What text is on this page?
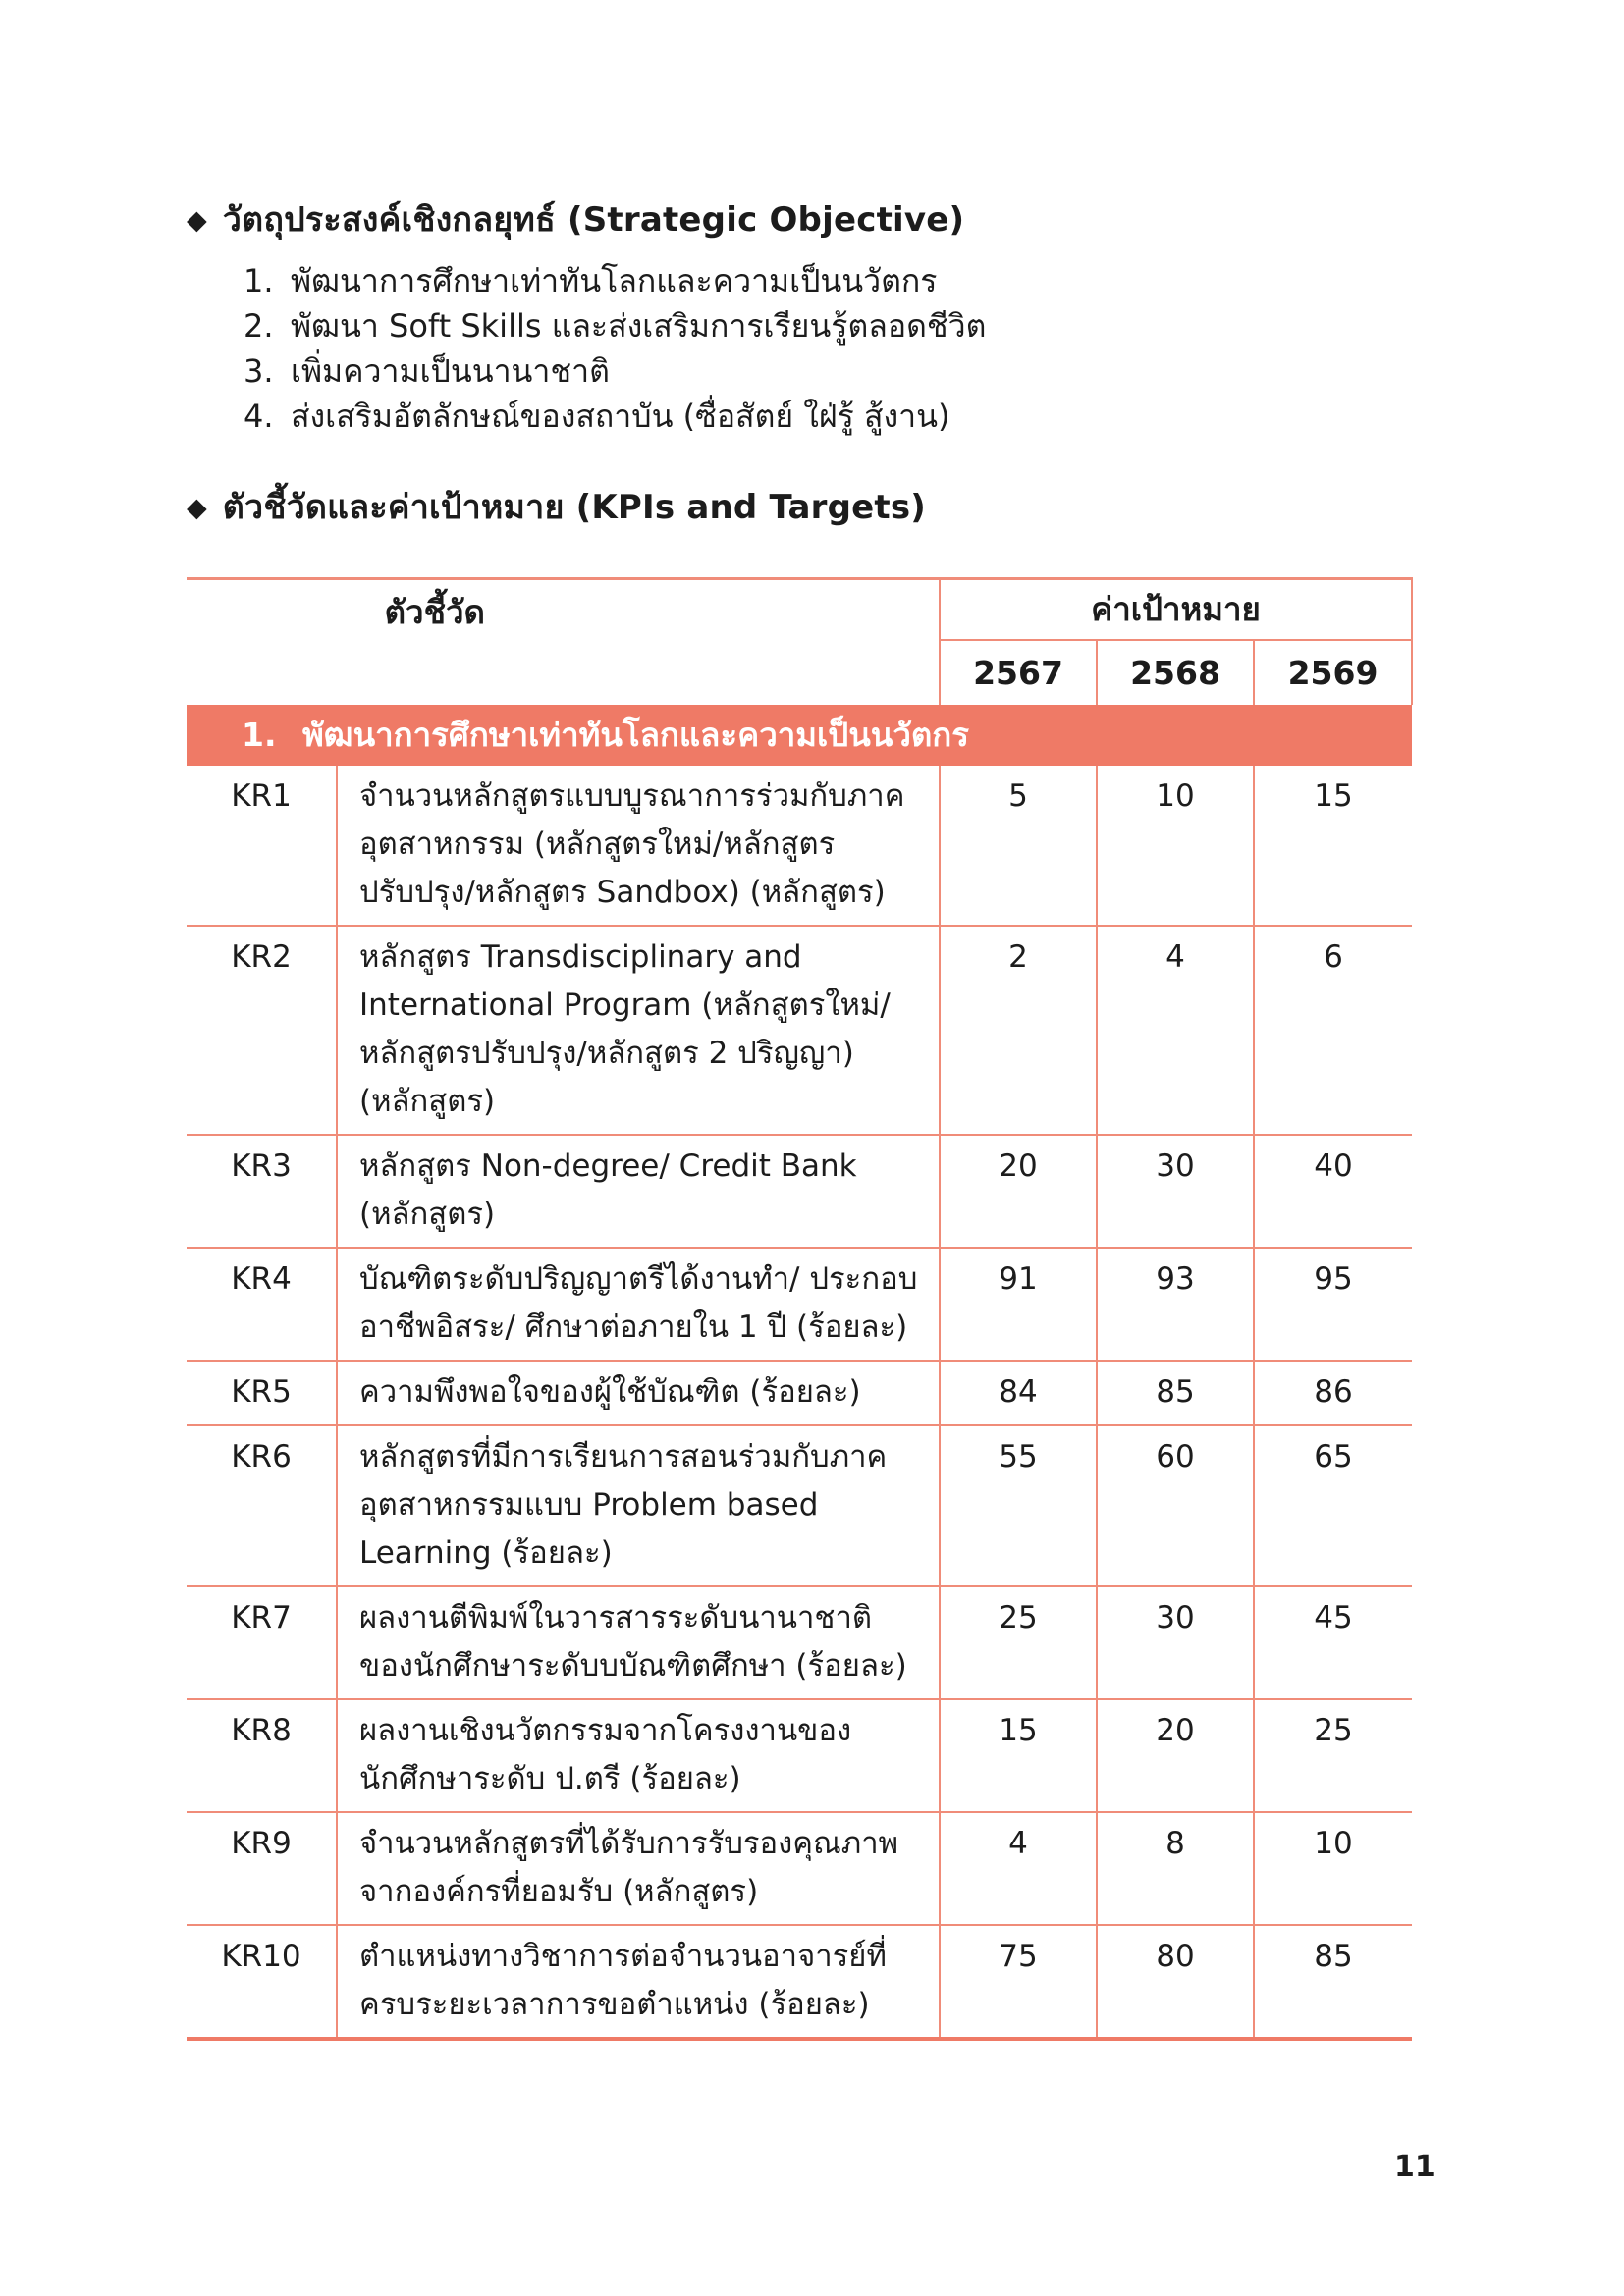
◆ วัตถุประสงค์เชิงกลยุทธ์ (Strategic Objective)
1. พัฒนาการศึกษาเท่าทันโลกและความเป็นนวัตกร
2. พัฒนา Soft Skills และส่งเสริมการเรียนรู้ตลอดชีวิต
3. เพิ่มความเป็นนานาชาติ
4. ส่งเสริมอัตลักษณ์ของสถาบัน (ซื่อสัตย์ ใฝ่รู้ สู้งาน)
◆ ตัวชี้วัดและค่าเป้าหมาย (KPIs and Targets)
ตัวชี้วัด		ค่าเป้าหมาย		
		2567	2568	2569
1. พัฒนาการศึกษาเท่าทันโลกและความเป็นนวัตกร				
KR1	จำนวนหลักสูตรแบบบูรณาการร่วมกับภาคอุตสาหกรรม (หลักสูตรใหม่/หลักสูตรปรับปรุง/หลักสูตร Sandbox) (หลักสูตร)	5	10	15
KR2	หลักสูตร Transdisciplinary and International Program (หลักสูตรใหม่/หลักสูตรปรับปรุง/หลักสูตร 2 ปริญญา) (หลักสูตร)	2	4	6
KR3	หลักสูตร Non-degree/ Credit Bank (หลักสูตร)	20	30	40
KR4	บัณฑิตระดับปริญญาตรีได้งานทำ/ ประกอบอาชีพอิสระ/ ศึกษาต่อภายใน 1 ปี (ร้อยละ)	91	93	95
KR5	ความพึงพอใจของผู้ใช้บัณฑิต (ร้อยละ)	84	85	86
KR6	หลักสูตรที่มีการเรียนการสอนร่วมกับภาคอุตสาหกรรมแบบ Problem based Learning (ร้อยละ)	55	60	65
KR7	ผลงานตีพิมพ์ในวารสารระดับนานาชาติของนักศึกษาระดับบบัณฑิตศึกษา (ร้อยละ)	25	30	45
KR8	ผลงานเชิงนวัตกรรมจากโครงงานของนักศึกษาระดับ ป.ตรี (ร้อยละ)	15	20	25
KR9	จำนวนหลักสูตรที่ได้รับการรับรองคุณภาพจากองค์กรที่ยอมรับ (หลักสูตร)	4	8	10
KR10	ตำแหน่งทางวิชาการต่อจำนวนอาจารย์ที่ครบระยะเวลาการขอตำแหน่ง (ร้อยละ)	75	80	85
11
